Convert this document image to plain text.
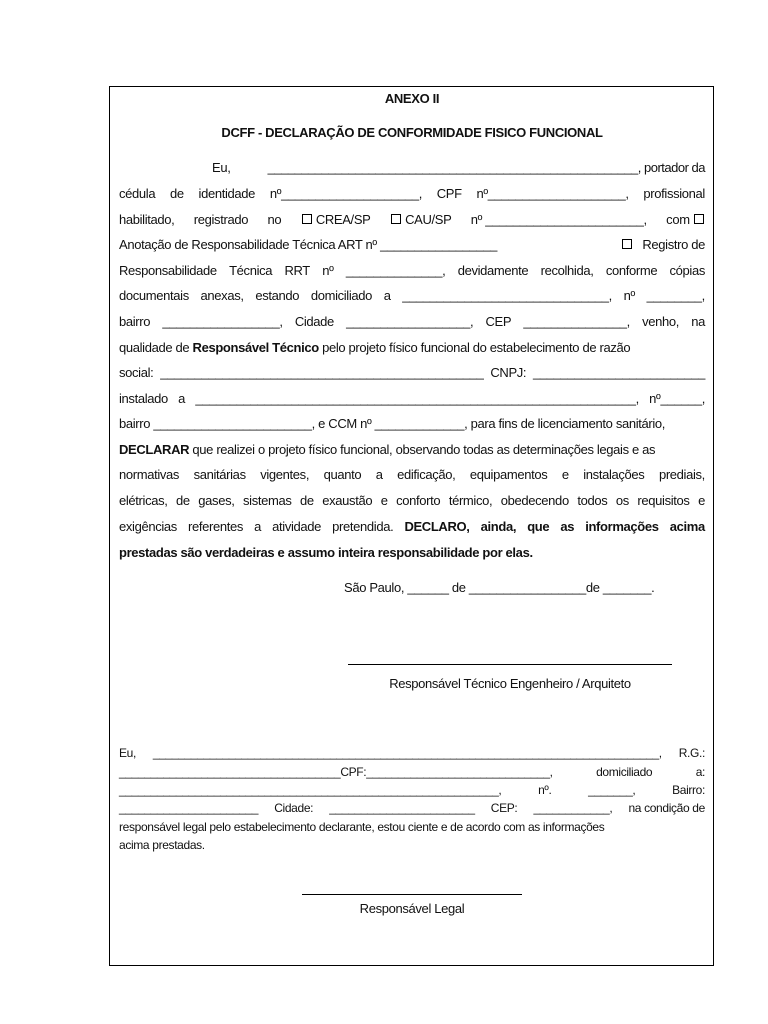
ANEXO II
DCFF - DECLARAÇÃO DE CONFORMIDADE FISICO FUNCIONAL
Eu,	_______________________________________________________, portador da
cédula de identidade nº____________________, CPF nº____________________, profissional
habilitado, registrado no	CREA/SP	CAU/SP nº _______________________, com
Anotação de Responsabilidade Técnica ART nº _________________	Registro de
Responsabilidade Técnica RRT nº ______________, devidamente recolhida, conforme cópias
documentais anexas, estando domiciliado a ______________________________, nº ________,
bairro _________________, Cidade __________________, CEP _______________, venho, na
qualidade de Responsável Técnico pelo projeto físico funcional do estabelecimento de razão
social: _______________________________________________ CNPJ: _________________________
instalado a ________________________________________________________________, nº______,
bairro _______________________, e CCM nº _____________, para fins de licenciamento sanitário,
DECLARAR que realizei o projeto físico funcional, observando todas as determinações legais e as
normativas sanitárias vigentes, quanto a edificação, equipamentos e instalações prediais,
elétricas, de gases, sistemas de exaustão e conforto térmico, obedecendo todos os requisitos e
exigências referentes a atividade pretendida. DECLARO, ainda, que as informações acima
prestadas são verdadeiras e assumo inteira responsabilidade por elas.
São Paulo, ______ de _________________de _______.
Responsável Técnico Engenheiro / Arquiteto
Eu, ________________________________________________________________________________, R.G.:
___________________________________CPF:_____________________________,	domiciliado	a:
____________________________________________________________,	nº.	_______,	Bairro:
______________________ Cidade: _______________________ CEP: ____________, na condição de
responsável legal pelo estabelecimento declarante, estou ciente e de acordo com as informações
acima prestadas.
Responsável Legal
